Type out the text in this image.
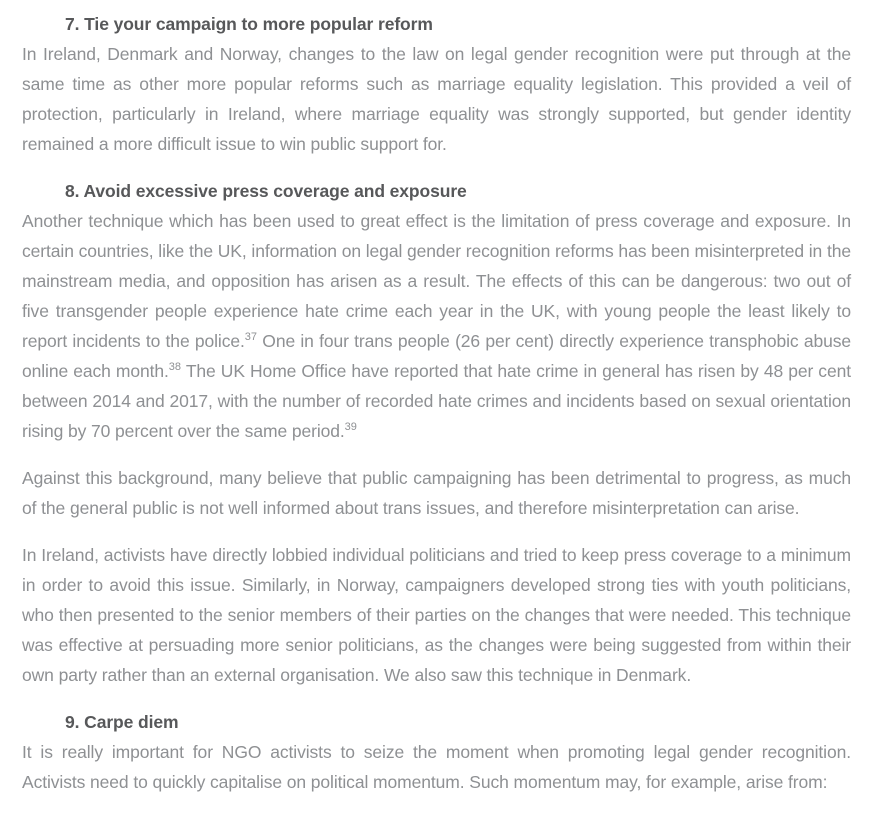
7. Tie your campaign to more popular reform

In Ireland, Denmark and Norway, changes to the law on legal gender recognition were put through at the same time as other more popular reforms such as marriage equality legislation. This provided a veil of protection, particularly in Ireland, where marriage equality was strongly supported, but gender identity remained a more difficult issue to win public support for.

8. Avoid excessive press coverage and exposure

Another technique which has been used to great effect is the limitation of press coverage and exposure. In certain countries, like the UK, information on legal gender recognition reforms has been misinterpreted in the mainstream media, and opposition has arisen as a result. The effects of this can be dangerous: two out of five transgender people experience hate crime each year in the UK, with young people the least likely to report incidents to the police.$^{37}$ One in four trans people (26 per cent) directly experience transphobic abuse online each month.$^{38}$ The UK Home Office have reported that hate crime in general has risen by 48 per cent between 2014 and 2017, with the number of recorded hate crimes and incidents based on sexual orientation rising by 70 percent over the same period.$^{39}$

Against this background, many believe that public campaigning has been detrimental to progress, as much of the general public is not well informed about trans issues, and therefore misinterpretation can arise.

In Ireland, activists have directly lobbied individual politicians and tried to keep press coverage to a minimum in order to avoid this issue. Similarly, in Norway, campaigners developed strong ties with youth politicians, who then presented to the senior members of their parties on the changes that were needed. This technique was effective at persuading more senior politicians, as the changes were being suggested from within their own party rather than an external organisation. We also saw this technique in Denmark.

9. Carpe diem

It is really important for NGO activists to seize the moment when promoting legal gender recognition. Activists need to quickly capitalise on political momentum. Such momentum may, for example, arise from:
